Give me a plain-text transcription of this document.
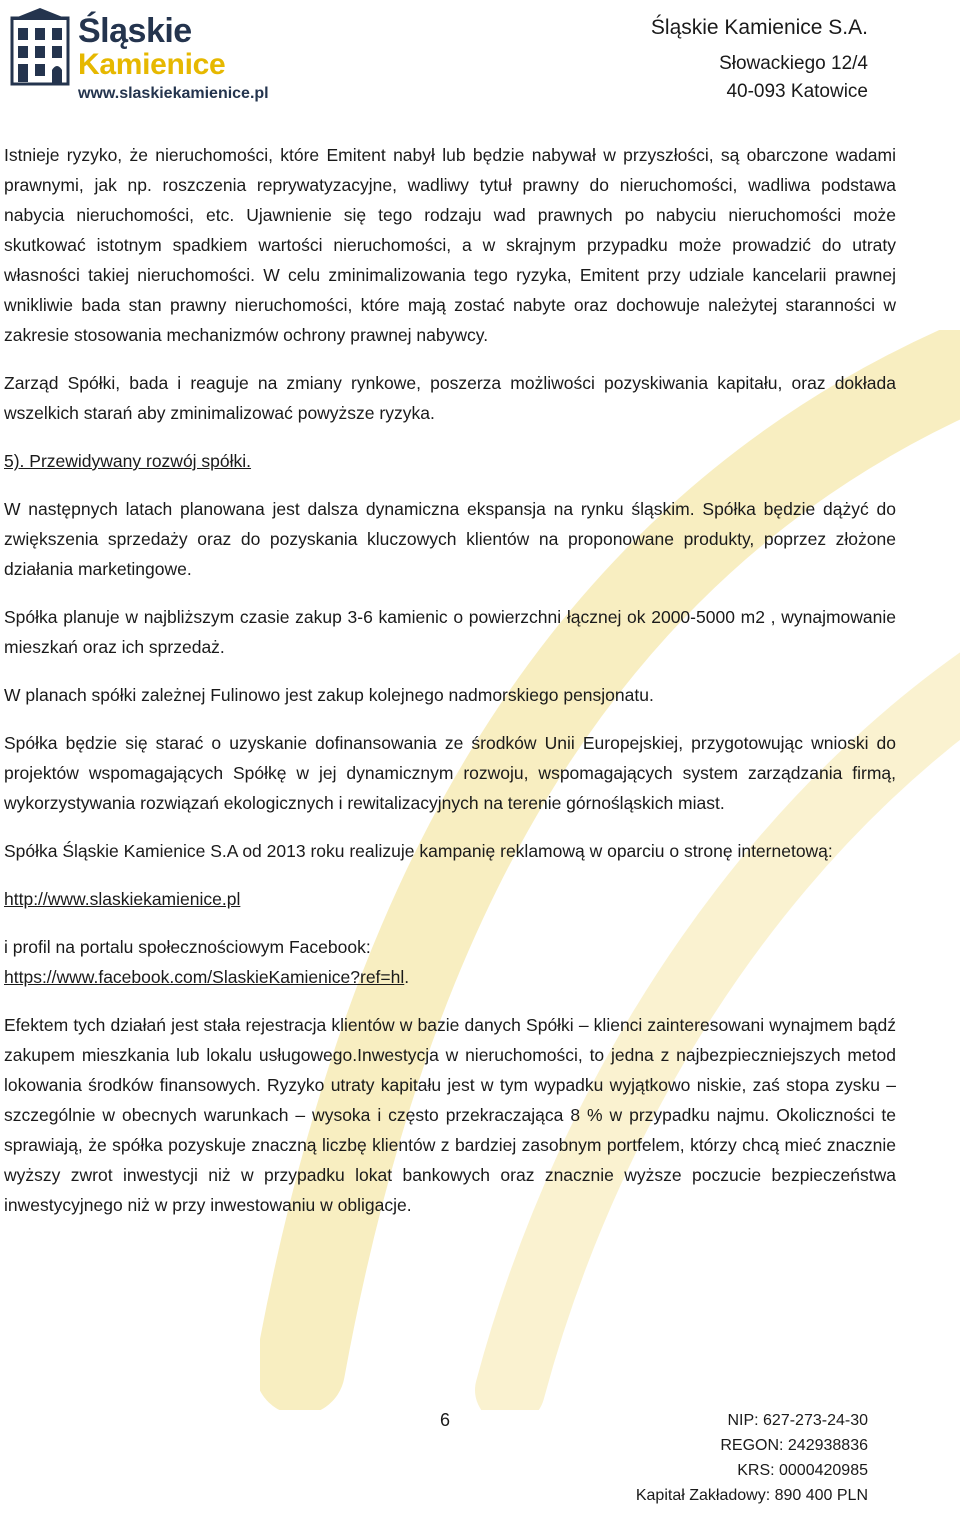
Śląskie
Kamienice
www.slaskiekamienice.pl
Śląskie Kamienice S.A.
Słowackiego 12/4
40-093 Katowice

Istnieje ryzyko, że nieruchomości, które Emitent nabył lub będzie nabywał w przyszłości, są obarczone wadami prawnymi, jak np. roszczenia reprywatyzacyjne, wadliwy tytuł prawny do nieruchomości, wadliwa podstawa nabycia nieruchomości, etc. Ujawnienie się tego rodzaju wad prawnych po nabyciu nieruchomości może skutkować istotnym spadkiem wartości nieruchomości, a w skrajnym przypadku może prowadzić do utraty własności takiej nieruchomości. W celu zminimalizowania tego ryzyka, Emitent przy udziale kancelarii prawnej wnikliwie bada stan prawny nieruchomości, które mają zostać nabyte oraz dochowuje należytej staranności w zakresie stosowania mechanizmów ochrony prawnej nabywcy.

Zarząd Spółki, bada i reaguje na zmiany rynkowe, poszerza możliwości pozyskiwania kapitału, oraz dokłada wszelkich starań aby zminimalizować powyższe ryzyka.

5). Przewidywany rozwój spółki.

W następnych latach planowana jest dalsza dynamiczna ekspansja na rynku śląskim. Spółka będzie dążyć do zwiększenia sprzedaży oraz do pozyskania kluczowych klientów na proponowane produkty, poprzez złożone działania marketingowe.

Spółka planuje w najbliższym czasie zakup 3-6 kamienic o powierzchni łącznej ok 2000-5000 m2 , wynajmowanie mieszkań oraz ich sprzedaż.

W planach spółki zależnej Fulinowo jest zakup kolejnego nadmorskiego pensjonatu.

Spółka będzie się starać o uzyskanie dofinansowania ze środków Unii Europejskiej, przygotowując wnioski do projektów wspomagających Spółkę w jej dynamicznym rozwoju, wspomagających system zarządzania firmą, wykorzystywania rozwiązań ekologicznych i rewitalizacyjnych na terenie górnośląskich miast.

Spółka Śląskie Kamienice S.A od 2013 roku realizuje kampanię reklamową w oparciu o stronę internetową:

http://www.slaskiekamienice.pl

i profil na portalu społecznościowym Facebook:
https://www.facebook.com/SlaskieKamienice?ref=hl.

Efektem tych działań jest stała rejestracja klientów w bazie danych Spółki – klienci zainteresowani wynajmem bądź zakupem mieszkania lub lokalu usługowego.Inwestycja w nieruchomości, to jedna z najbezpieczniejszych metod lokowania środków finansowych. Ryzyko utraty kapitału jest w tym wypadku wyjątkowo niskie, zaś stopa zysku – szczególnie w obecnych warunkach – wysoka i często przekraczająca 8 % w przypadku najmu. Okoliczności te sprawiają, że spółka pozyskuje znaczną liczbę klientów z bardziej zasobnym portfelem, którzy chcą mieć znacznie wyższy zwrot inwestycji niż w przypadku lokat bankowych oraz znacznie wyższe poczucie bezpieczeństwa inwestycyjnego niż w przy inwestowaniu w obligacje.

6	NIP: 627-273-24-30
REGON: 242938836
KRS: 0000420985
Kapitał Zakładowy: 890 400 PLN
